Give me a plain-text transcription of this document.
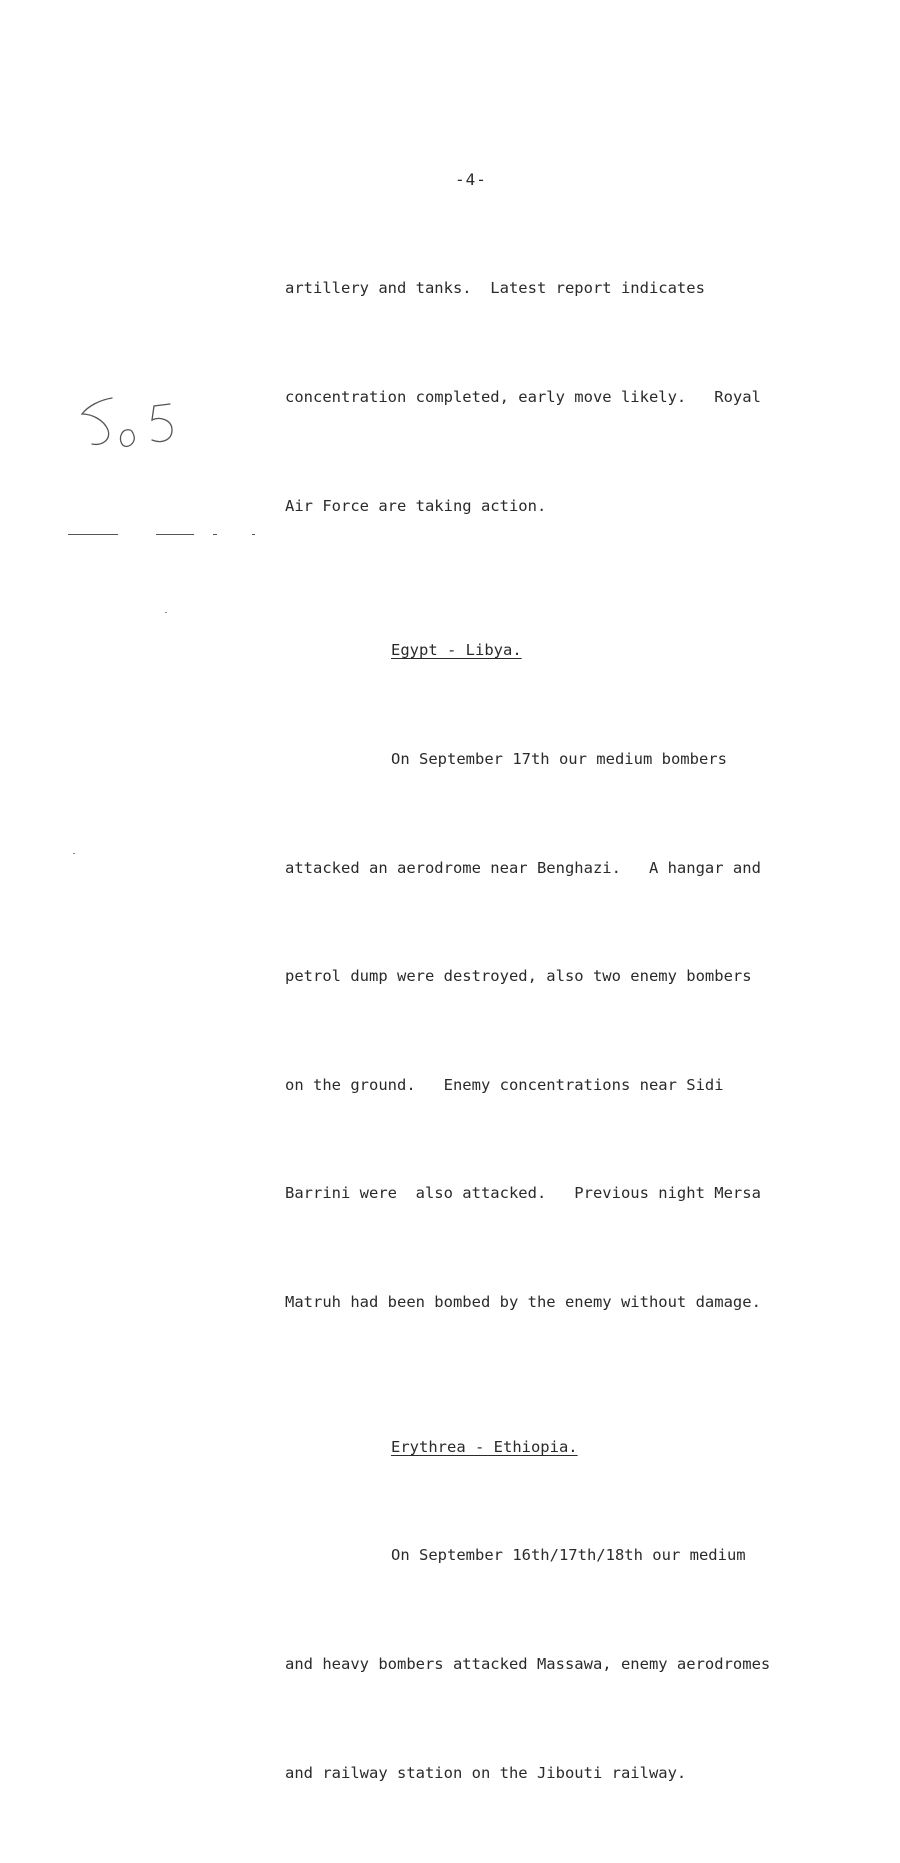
-4-

artillery and tanks.  Latest report indicates

concentration completed, early move likely.   Royal

Air Force are taking action.

Egypt - Libya.

On September 17th our medium bombers

attacked an aerodrome near Benghazi.   A hangar and

petrol dump were destroyed, also two enemy bombers

on the ground.   Enemy concentrations near Sidi

Barrini were  also attacked.   Previous night Mersa

Matruh had been bombed by the enemy without damage.

Erythrea - Ethiopia.

On September 16th/17th/18th our medium

and heavy bombers attacked Massawa, enemy aerodromes

and railway station on the Jibouti railway.
